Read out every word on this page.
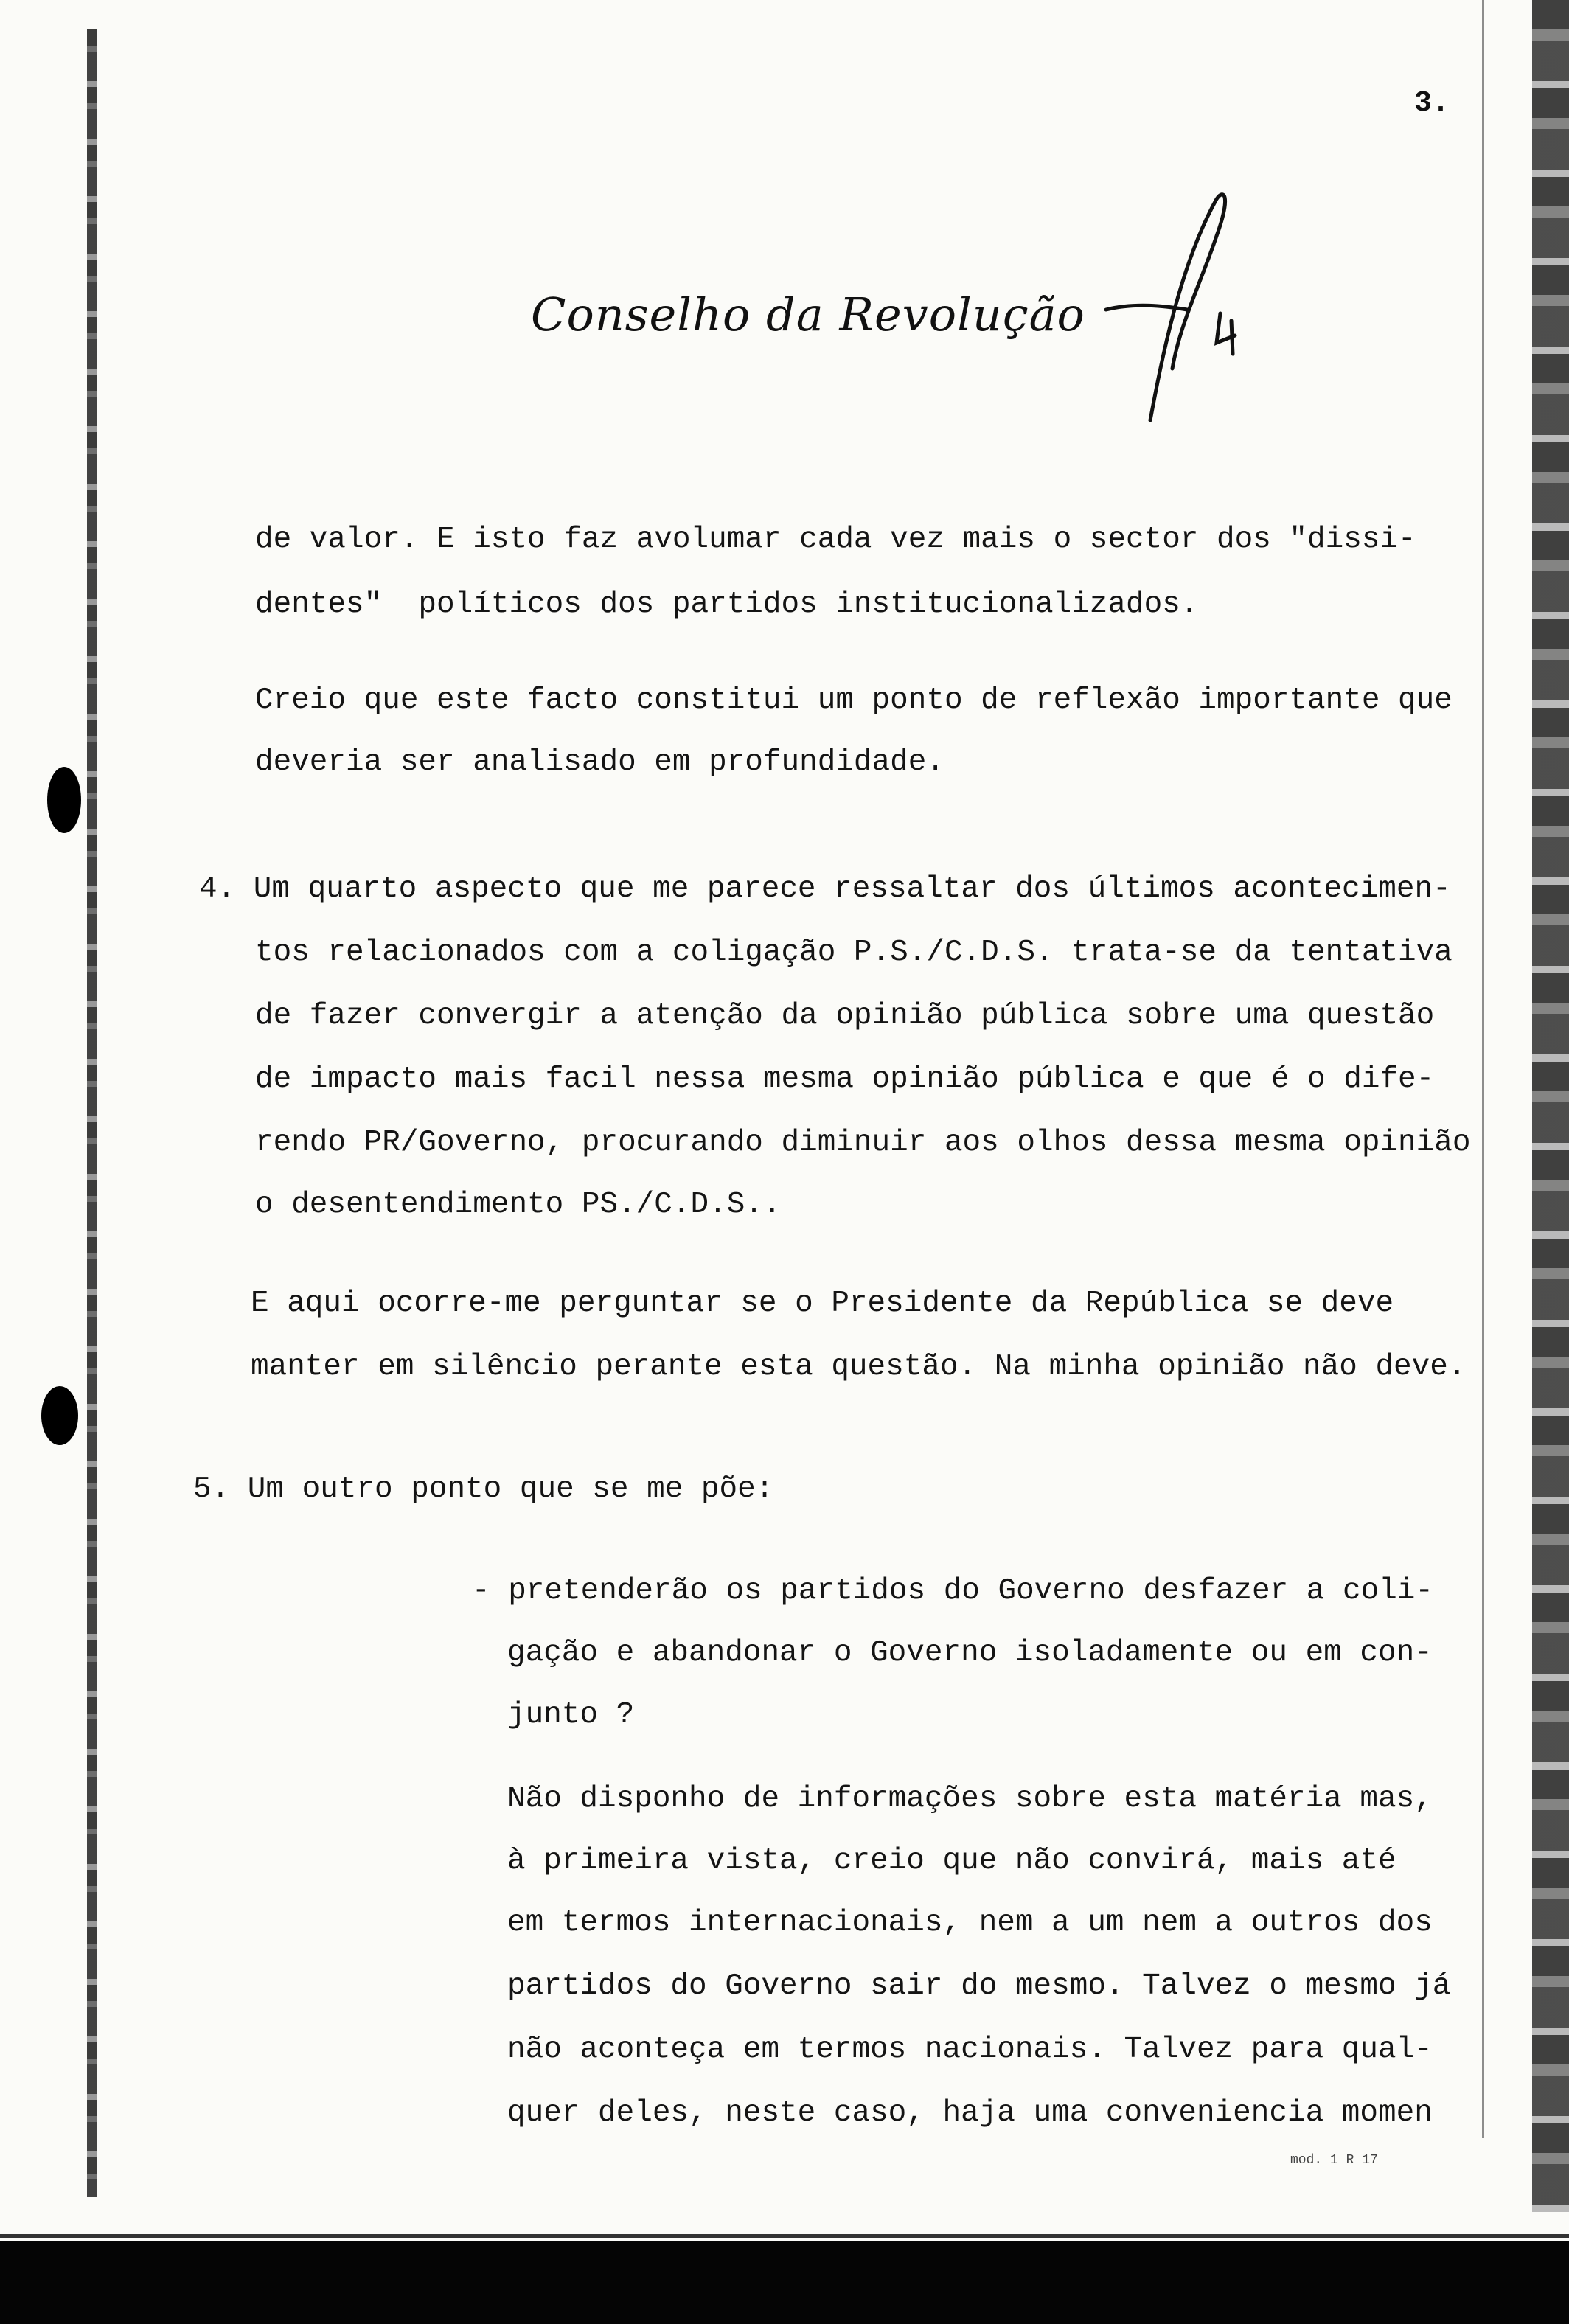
3.
Conselho da Revolução
de valor. E isto faz avolumar cada vez mais o sector dos "dissi-
dentes"  políticos dos partidos institucionalizados.
Creio que este facto constitui um ponto de reflexão importante que
deveria ser analisado em profundidade.
4. Um quarto aspecto que me parece ressaltar dos últimos acontecimen-
tos relacionados com a coligação P.S./C.D.S. trata-se da tentativa
de fazer convergir a atenção da opinião pública sobre uma questão
de impacto mais facil nessa mesma opinião pública e que é o dife-
rendo PR/Governo, procurando diminuir aos olhos dessa mesma opinião
o desentendimento PS./C.D.S..
E aqui ocorre-me perguntar se o Presidente da República se deve
manter em silêncio perante esta questão. Na minha opinião não deve.
5. Um outro ponto que se me põe:
- pretenderão os partidos do Governo desfazer a coli-
gação e abandonar o Governo isoladamente ou em con-
junto ?
Não disponho de informações sobre esta matéria mas,
à primeira vista, creio que não convirá, mais até
em termos internacionais, nem a um nem a outros dos
partidos do Governo sair do mesmo. Talvez o mesmo já
não aconteça em termos nacionais. Talvez para qual-
quer deles, neste caso, haja uma conveniencia momen
mod. 1 R 17
